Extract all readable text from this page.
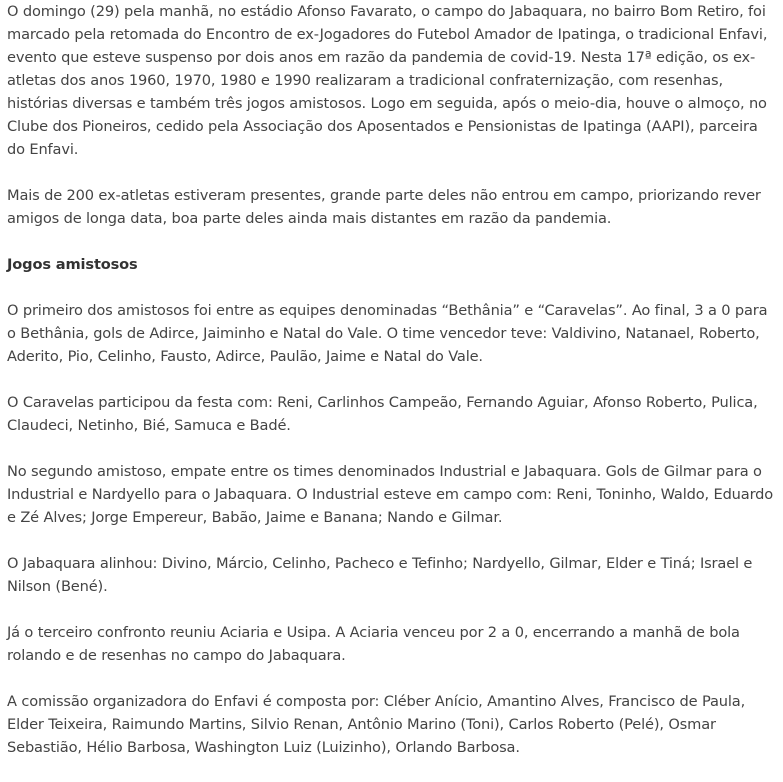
O domingo (29) pela manhã, no estádio Afonso Favarato, o campo do Jabaquara, no bairro Bom Retiro, foi marcado pela retomada do Encontro de ex-Jogadores do Futebol Amador de Ipatinga, o tradicional Enfavi, evento que esteve suspenso por dois anos em razão da pandemia de covid-19. Nesta 17ª edição, os ex-atletas dos anos 1960, 1970, 1980 e 1990 realizaram a tradicional confraternização, com resenhas, histórias diversas e também três jogos amistosos. Logo em seguida, após o meio-dia, houve o almoço, no Clube dos Pioneiros, cedido pela Associação dos Aposentados e Pensionistas de Ipatinga (AAPI), parceira do Enfavi.

Mais de 200 ex-atletas estiveram presentes, grande parte deles não entrou em campo, priorizando rever amigos de longa data, boa parte deles ainda mais distantes em razão da pandemia.

Jogos amistosos

O primeiro dos amistosos foi entre as equipes denominadas “Bethânia” e “Caravelas”. Ao final, 3 a 0 para o Bethânia, gols de Adirce, Jaiminho e Natal do Vale. O time vencedor teve: Valdivino, Natanael, Roberto, Aderito, Pio, Celinho, Fausto, Adirce, Paulão, Jaime e Natal do Vale.

O Caravelas participou da festa com: Reni, Carlinhos Campeão, Fernando Aguiar, Afonso Roberto, Pulica, Claudeci, Netinho, Bié, Samuca e Badé.

No segundo amistoso, empate entre os times denominados Industrial e Jabaquara. Gols de Gilmar para o Industrial e Nardyello para o Jabaquara. O Industrial esteve em campo com: Reni, Toninho, Waldo, Eduardo e Zé Alves; Jorge Empereur, Babão, Jaime e Banana; Nando e Gilmar.

O Jabaquara alinhou: Divino, Márcio, Celinho, Pacheco e Tefinho; Nardyello, Gilmar, Elder e Tiná; Israel e Nilson (Bené).

Já o terceiro confronto reuniu Aciaria e Usipa. A Aciaria venceu por 2 a 0, encerrando a manhã de bola rolando e de resenhas no campo do Jabaquara.

A comissão organizadora do Enfavi é composta por: Cléber Anício, Amantino Alves, Francisco de Paula, Elder Teixeira, Raimundo Martins, Silvio Renan, Antônio Marino (Toni), Carlos Roberto (Pelé), Osmar Sebastião, Hélio Barbosa, Washington Luiz (Luizinho), Orlando Barbosa.
